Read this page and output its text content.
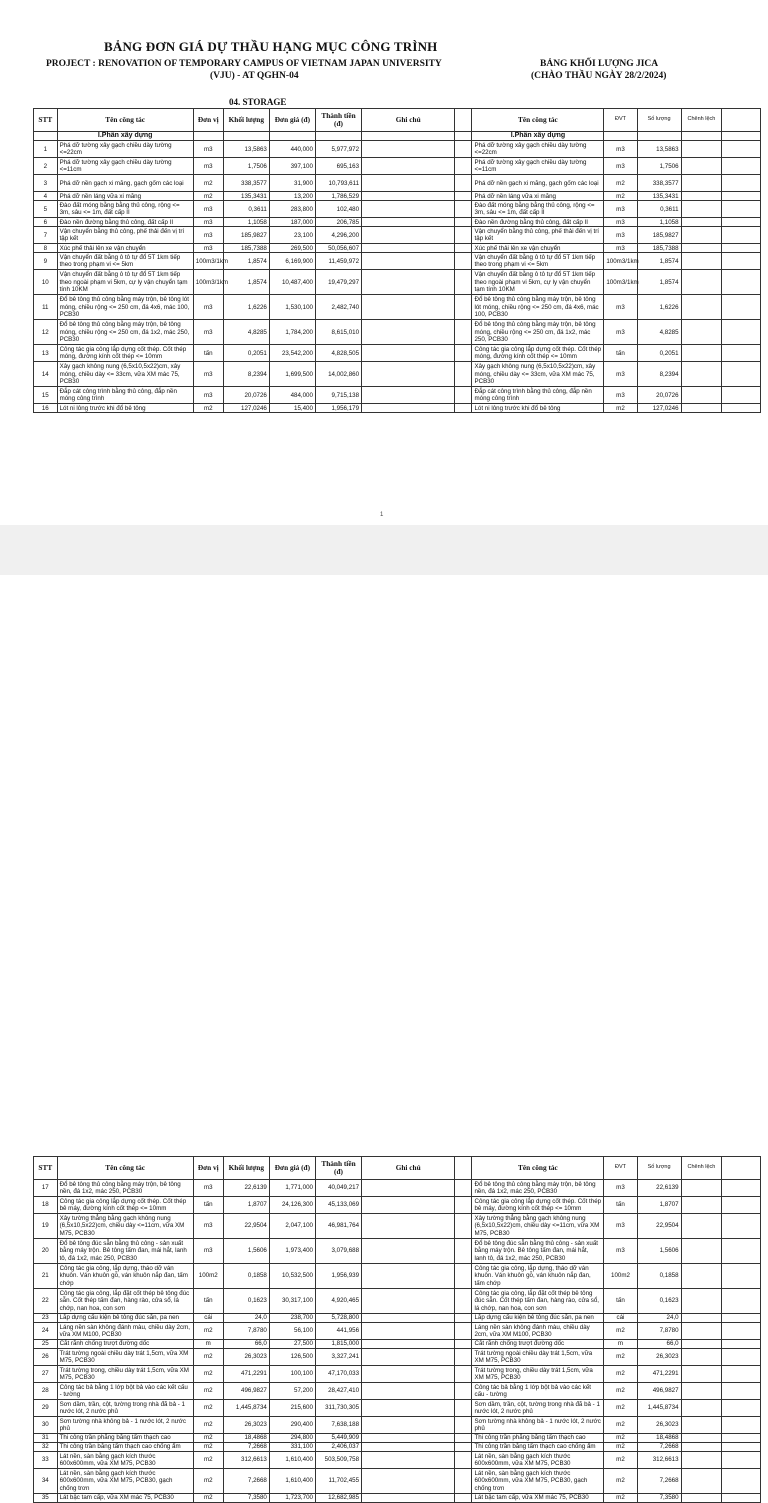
BẢNG ĐƠN GIÁ DỰ THẦU HẠNG MỤC CÔNG TRÌNH
PROJECT : RENOVATION OF TEMPORARY CAMPUS OF VIETNAM JAPAN UNIVERSITY
(VJU) - AT QGHN-04
04. STORAGE
BẢNG KHỐI LƯỢNG JICA
(CHÀO THẦU NGÀY 28/2/2024)
STT	Tên công tác	Đơn vị	Khối lượng	Đơn giá (đ)	Thành tiền (đ)	Ghi chú		Tên công tác	ĐVT	Số lượng	Chênh lệch	
	I.Phần xây dựng							I.Phần xây dựng				
1	Phá dỡ tường xây gạch chiều dày tường <=22cm	m3	13,5863	440,000	5,977,972			Phá dỡ tường xây gạch chiều dày tường <=22cm	m3	13,5863		
2	Phá dỡ tường xây gạch chiều dày tường <=11cm	m3	1,7506	397,100	695,163			Phá dỡ tường xây gạch chiều dày tường <=11cm	m3	1,7506		
3	Phá dỡ nền gạch xi măng, gạch gốm các loại	m2	338,3577	31,900	10,793,611			Phá dỡ nền gạch xi măng, gạch gốm các loại	m2	338,3577		
4	Phá dỡ nền láng vữa xi măng	m2	135,3431	13,200	1,786,529			Phá dỡ nền láng vữa xi măng	m2	135,3431		
5	Đào đất móng bằng bằng thủ công, rộng <= 3m, sâu <= 1m, đất cấp II	m3	0,3611	283,800	102,480			Đào đất móng bằng bằng thủ công, rộng <= 3m, sâu <= 1m, đất cấp II	m3	0,3611		
6	Đào nền đường bằng thủ công, đất cấp II	m3	1,1058	187,000	206,785			Đào nền đường bằng thủ công, đất cấp II	m3	1,1058		
7	Vận chuyển bằng thủ công, phế thải đến vị trí tập kết	m3	185,9827	23,100	4,296,200			Vận chuyển bằng thủ công, phế thải đến vị trí tập kết	m3	185,9827		
8	Xúc phế thải lên xe vận chuyển	m3	185,7388	269,500	50,056,607			Xúc phế thải lên xe vận chuyển	m3	185,7388		
9	Vận chuyển đất bằng ô tô tự đổ 5T 1km tiếp theo trong phạm vi <= 5km	100m3/1km	1,8574	6,169,900	11,459,972			Vận chuyển đất bằng ô tô tự đổ 5T 1km tiếp theo trong phạm vi <= 5km	100m3/1km	1,8574		
10	Vận chuyển đất bằng ô tô tự đổ 5T 1km tiếp theo ngoài phạm vi 5km, cự ly vận chuyển tạm tính 10KM	100m3/1km	1,8574	10,487,400	19,479,297			Vận chuyển đất bằng ô tô tự đổ 5T 1km tiếp theo ngoài phạm vi 5km, cự ly vận chuyển tạm tính 10KM	100m3/1km	1,8574		
11	Đổ bê tông thủ công bằng máy trộn, bê tông lót móng, chiều rộng <= 250 cm, đá 4x6, mác 100, PCB30	m3	1,6226	1,530,100	2,482,740			Đổ bê tông thủ công bằng máy trộn, bê tông lót móng, chiều rộng <= 250 cm, đá 4x6, mác 100, PCB30	m3	1,6226		
12	Đổ bê tông thủ công bằng máy trộn, bê tông móng, chiều rộng <= 250 cm, đá 1x2, mác 250, PCB30	m3	4,8285	1,784,200	8,615,010			Đổ bê tông thủ công bằng máy trộn, bê tông móng, chiều rộng <= 250 cm, đá 1x2, mác 250, PCB30	m3	4,8285		
13	Công tác gia công lắp dựng cốt thép. Cốt thép móng, đường kính cốt thép <= 10mm	tấn	0,2051	23,542,200	4,828,505			Công tác gia công lắp dựng cốt thép. Cốt thép móng, đường kính cốt thép <= 10mm	tấn	0,2051		
14	Xây gạch không nung (6,5x10,5x22)cm, xây móng, chiều dày <= 33cm, vữa XM mác 75, PCB30	m3	8,2394	1,699,500	14,002,860			Xây gạch không nung (6,5x10,5x22)cm, xây móng, chiều dày <= 33cm, vữa XM mác 75, PCB30	m3	8,2394		
15	Đắp cát công trình bằng thủ công, đắp nền móng công trình	m3	20,0726	484,000	9,715,138			Đắp cát công trình bằng thủ công, đắp nền móng công trình	m3	20,0726		
16	Lót ni lông trước khi đổ bê tông	m2	127,0246	15,400	1,956,179			Lót ni lông trước khi đổ bê tông	m2	127,0246		
1
STT	Tên công tác	Đơn vị	Khối lượng	Đơn giá (đ)	Thành tiền (đ)	Ghi chú		Tên công tác	ĐVT	Số lượng	Chênh lệch	
17	Đổ bê tông thủ công bằng máy trộn, bê tông nền, đá 1x2, mác 250, PCB30	m3	22,6139	1,771,000	40,049,217			Đổ bê tông thủ công bằng máy trộn, bê tông nền, đá 1x2, mác 250, PCB30	m3	22,6139		
18	Công tác gia công lắp dựng cốt thép. Cốt thép bê máy, đường kính cốt thép <= 10mm	tấn	1,8707	24,126,300	45,133,069			Công tác gia công lắp dựng cốt thép. Cốt thép bê máy, đường kính cốt thép <= 10mm	tấn	1,8707		
19	Xây tường thẳng bằng gạch không nung (6,5x10,5x22)cm, chiều dày <=11cm, vữa XM M75, PCB30	m3	22,9504	2,047,100	46,981,764			Xây tường thẳng bằng gạch không nung (6,5x10,5x22)cm, chiều dày <=11cm, vữa XM M75, PCB30	m3	22,9504		
20	Đổ bê tông đúc sẵn bằng thủ công - sản xuất bằng máy trộn. Bê tông tấm đan, mái hắt, lanh tô, đá 1x2, mác 250, PCB30	m3	1,5606	1,973,400	3,079,688			Đổ bê tông đúc sẵn bằng thủ công - sản xuất bằng máy trộn. Bê tông tấm đan, mái hắt, lanh tô, đá 1x2, mác 250, PCB30	m3	1,5606		
21	Công tác gia công, lắp dựng, tháo dỡ ván khuôn. Ván khuôn gỗ, ván khuôn nắp đan, tấm chớp	100m2	0,1858	10,532,500	1,956,939			Công tác gia công, lắp dựng, tháo dỡ ván khuôn. Ván khuôn gỗ, ván khuôn nắp đan, tấm chớp	100m2	0,1858		
22	Công tác gia công, lắp đặt cốt thép bê tông đúc sẵn. Cốt thép tấm đan, hàng rào, cửa sổ, lá chớp, nan hoa, con sơn	tấn	0,1623	30,317,100	4,920,465			Công tác gia công, lắp đặt cốt thép bê tông đúc sẵn. Cốt thép tấm đan, hàng rào, cửa sổ, lá chớp, nan hoa, con sơn	tấn	0,1623		
23	Lắp dựng cấu kiện bê tông đúc sẵn, pa nen	cái	24,0	238,700	5,728,800			Lắp dựng cấu kiện bê tông đúc sẵn, pa nen	cái	24,0		
24	Láng nền sàn không đánh màu, chiều dày 2cm, vữa XM M100, PCB30	m2	7,8780	56,100	441,956			Láng nền sàn không đánh màu, chiều dày 2cm, vữa XM M100, PCB30	m2	7,8780		
25	Cắt rãnh chống trượt đường dốc	m	66,0	27,500	1,815,000			Cắt rãnh chống trượt đường dốc	m	66,0		
26	Trát tường ngoài chiều dày trát 1,5cm, vữa XM M75, PCB30	m2	26,3023	126,500	3,327,241			Trát tường ngoài chiều dày trát 1,5cm, vữa XM M75, PCB30	m2	26,3023		
27	Trát tường trong, chiều dày trát 1,5cm, vữa XM M75, PCB30	m2	471,2291	100,100	47,170,033			Trát tường trong, chiều dày trát 1,5cm, vữa XM M75, PCB30	m2	471,2291		
28	Công tác bả bằng 1 lớp bột bả vào các kết cấu - tường	m2	496,9827	57,200	28,427,410			Công tác bả bằng 1 lớp bột bả vào các kết cấu - tường	m2	496,9827		
29	Sơn dầm, trần, cột, tường trong nhà đã bả - 1 nước lót, 2 nước phủ	m2	1,445,8734	215,600	311,730,305			Sơn dầm, trần, cột, tường trong nhà đã bả - 1 nước lót, 2 nước phủ	m2	1,445,8734		
30	Sơn tường nhà không bả - 1 nước lót, 2 nước phủ	m2	26,3023	290,400	7,638,188			Sơn tường nhà không bả - 1 nước lót, 2 nước phủ	m2	26,3023		
31	Thi công trần phẳng bằng tấm thạch cao	m2	18,4868	294,800	5,449,909			Thi công trần phẳng bằng tấm thạch cao	m2	18,4868		
32	Thi công trần bằng tấm thạch cao chống ẩm	m2	7,2668	331,100	2,406,037			Thi công trần bằng tấm thạch cao chống ẩm	m2	7,2668		
33	Lát nền, sàn bằng gạch kích thước 600x600mm, vữa XM M75, PCB30	m2	312,6613	1,610,400	503,509,758			Lát nền, sàn bằng gạch kích thước 600x600mm, vữa XM M75, PCB30	m2	312,6613		
34	Lát nền, sàn bằng gạch kích thước 600x600mm, vữa XM M75, PCB30, gạch chống trơn	m2	7,2668	1,610,400	11,702,455			Lát nền, sàn bằng gạch kích thước 600x600mm, vữa XM M75, PCB30, gạch chống trơn	m2	7,2668		
35	Lát bậc tam cấp, vữa XM mác 75, PCB30	m2	7,3580	1,723,700	12,682,985			Lát bậc tam cấp, vữa XM mác 75, PCB30	m2	7,3580		
